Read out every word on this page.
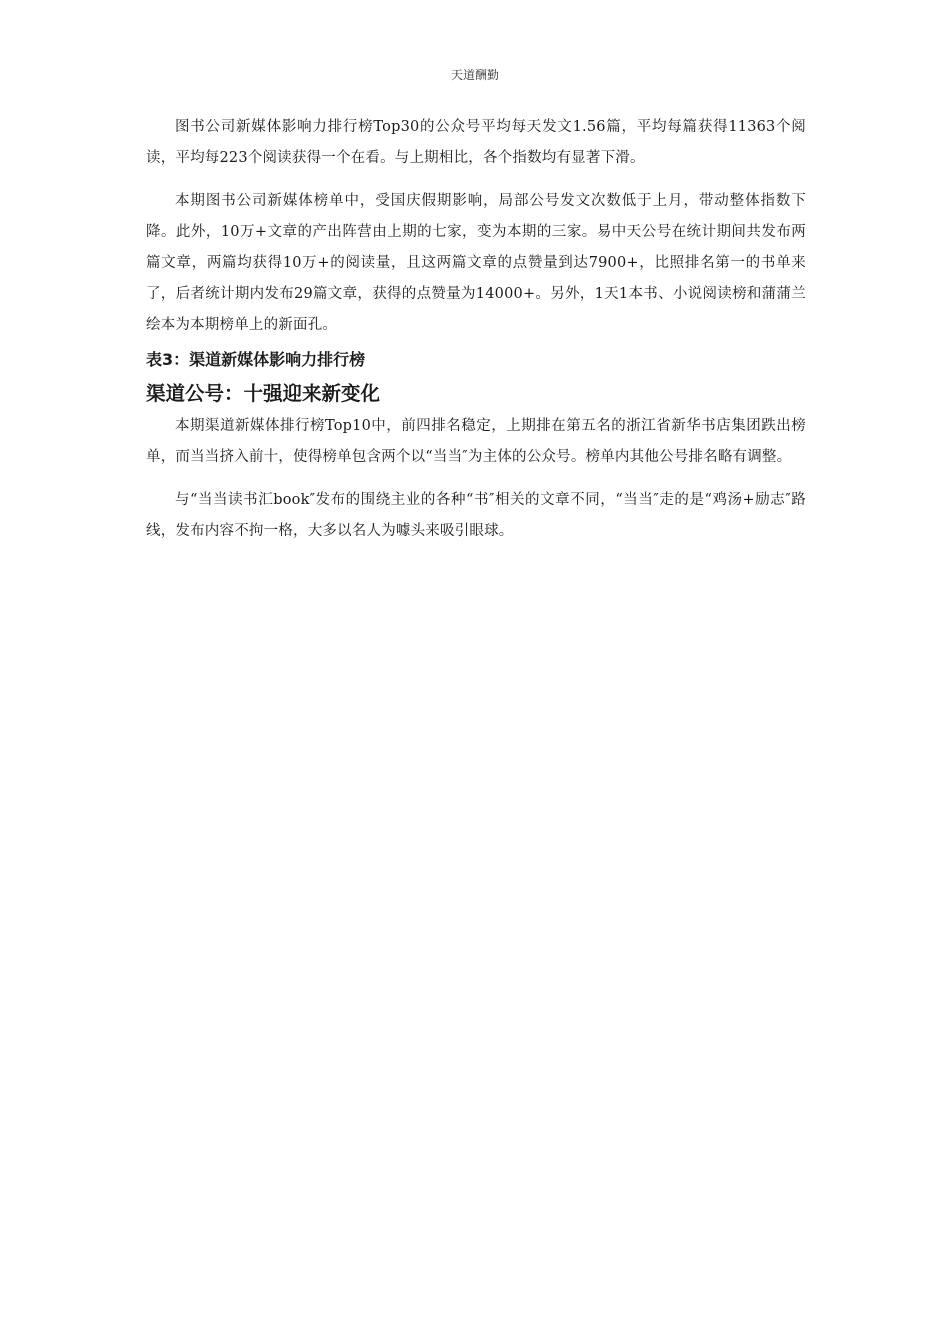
天道酬勤

图书公司新媒体影响力排行榜Top30的公众号平均每天发文1.56篇，平均每篇获得11363个阅读，平均每223个阅读获得一个在看。与上期相比，各个指数均有显著下滑。

本期图书公司新媒体榜单中，受国庆假期影响，局部公号发文次数低于上月，带动整体指数下降。此外，10万+文章的产出阵营由上期的七家，变为本期的三家。易中天公号在统计期间共发布两篇文章，两篇均获得10万+的阅读量，且这两篇文章的点赞量到达7900+，比照排名第一的书单来了，后者统计期内发布29篇文章，获得的点赞量为14000+。另外，1天1本书、小说阅读榜和蒲蒲兰绘本为本期榜单上的新面孔。

表3：渠道新媒体影响力排行榜
渠道公号：十强迎来新变化

本期渠道新媒体排行榜Top10中，前四排名稳定，上期排在第五名的浙江省新华书店集团跌出榜单，而当当挤入前十，使得榜单包含两个以“当当″为主体的公众号。榜单内其他公号排名略有调整。

与“当当读书汇book″发布的围绕主业的各种“书″相关的文章不同，“当当″走的是“鸡汤+励志″路线，发布内容不拘一格，大多以名人为噱头来吸引眼球。
